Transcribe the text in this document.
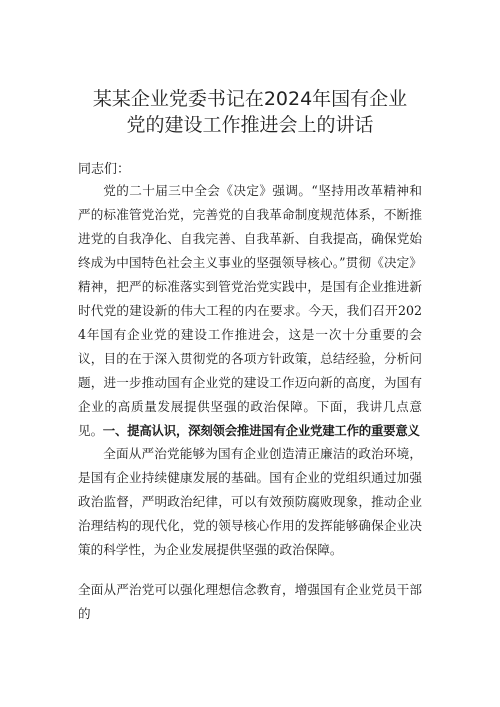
某某企业党委书记在2024年国有企业
党的建设工作推进会上的讲话
同志们：
党的二十届三中全会《决定》强调。“坚持用改革精神和严的标准管党治党，完善党的自我革命制度规范体系，不断推进党的自我净化、自我完善、自我革新、自我提高，确保党始终成为中国特色社会主义事业的坚强领导核心。”贯彻《决定》精神，把严的标准落实到管党治党实践中，是国有企业推进新时代党的建设新的伟大工程的内在要求。今天，我们召开2024年国有企业党的建设工作推进会，这是一次十分重要的会议，目的在于深入贯彻党的各项方针政策，总结经验，分析问题，进一步推动国有企业党的建设工作迈向新的高度，为国有企业的高质量发展提供坚强的政治保障。下面，我讲几点意见。 一、提高认识，深刻领会推进国有企业党建工作的重要意义
全面从严治党能够为国有企业创造清正廉洁的政治环境，是国有企业持续健康发展的基础。国有企业的党组织通过加强政治监督，严明政治纪律，可以有效预防腐败现象，推动企业治理结构的现代化，党的领导核心作用的发挥能够确保企业决策的科学性，为企业发展提供坚强的政治保障。
全面从严治党可以强化理想信念教育，增强国有企业党员干部的
